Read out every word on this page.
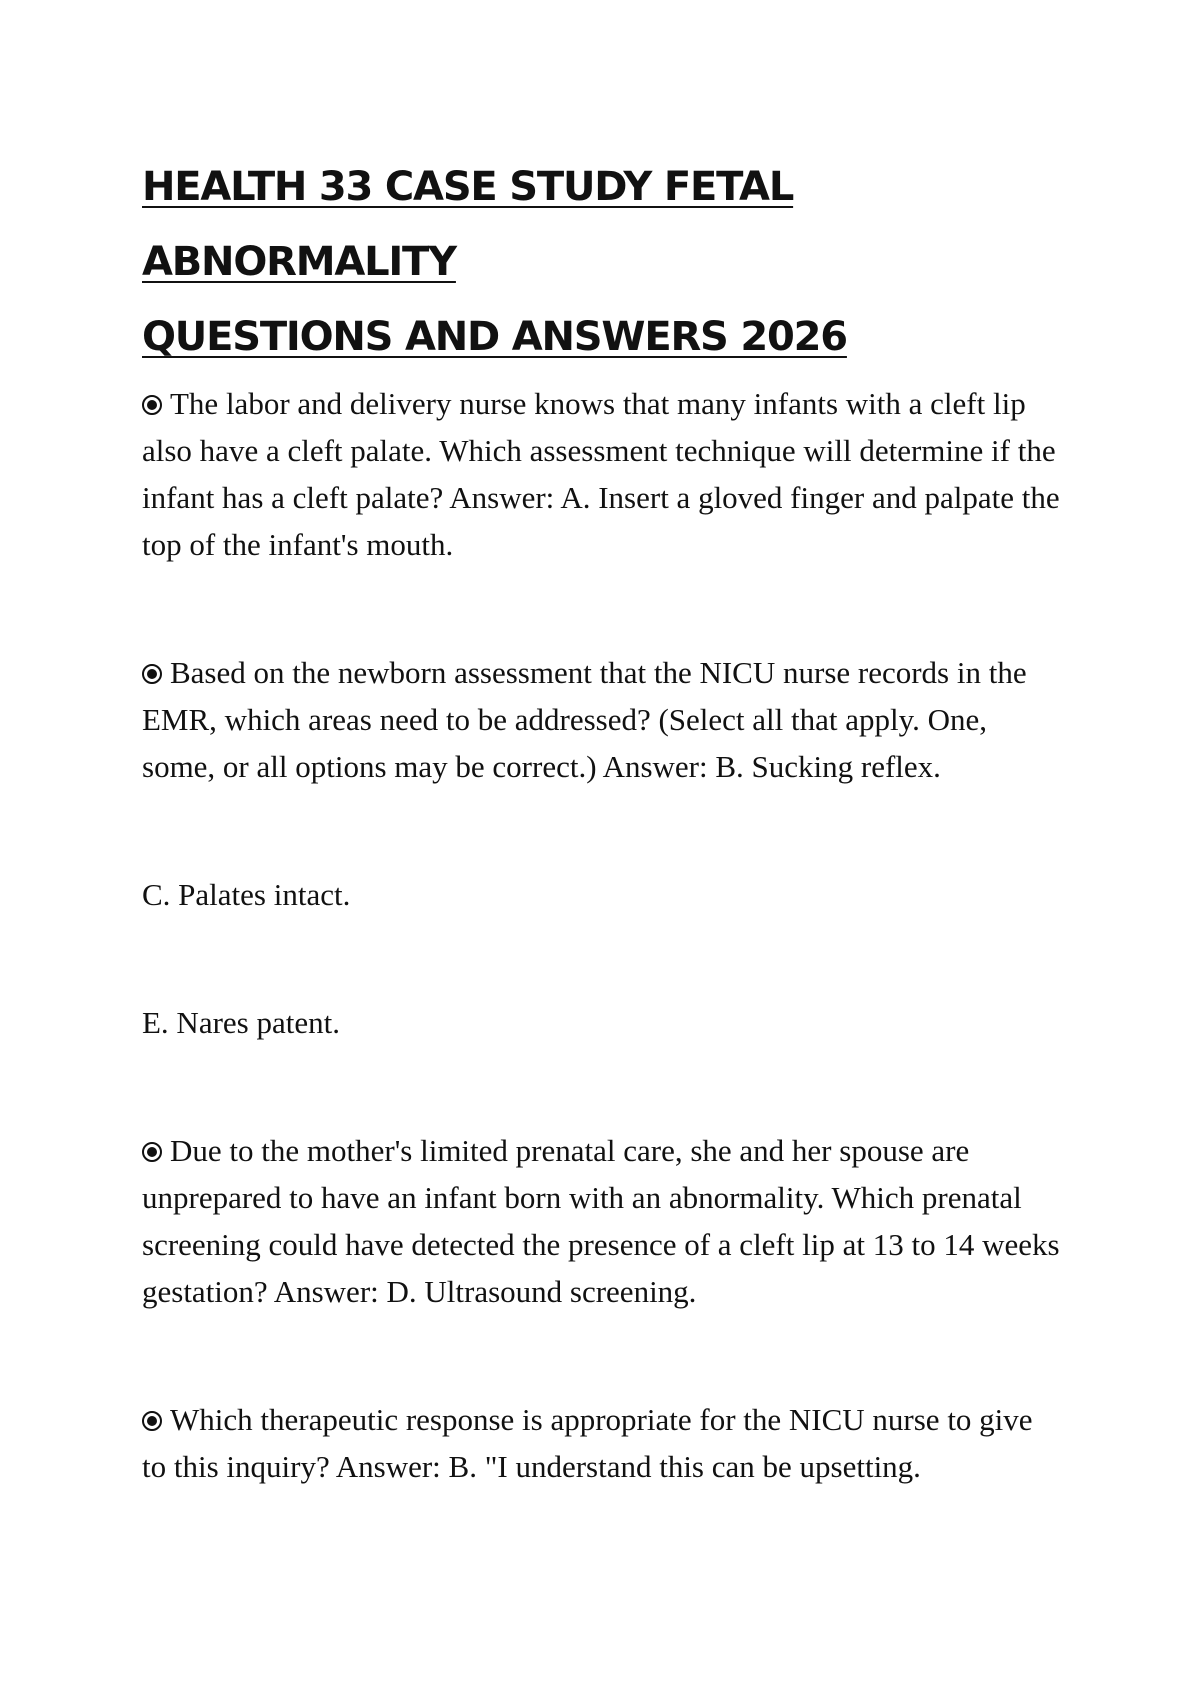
HEALTH 33 CASE STUDY FETAL ABNORMALITY
QUESTIONS AND ANSWERS 2026

The labor and delivery nurse knows that many infants with a cleft lip also have a cleft palate. Which assessment technique will determine if the infant has a cleft palate? Answer: A. Insert a gloved finger and palpate the top of the infant's mouth.

Based on the newborn assessment that the NICU nurse records in the EMR, which areas need to be addressed? (Select all that apply. One, some, or all options may be correct.) Answer: B. Sucking reflex.

C. Palates intact.

E. Nares patent.

Due to the mother's limited prenatal care, she and her spouse are unprepared to have an infant born with an abnormality. Which prenatal screening could have detected the presence of a cleft lip at 13 to 14 weeks gestation? Answer: D. Ultrasound screening.

Which therapeutic response is appropriate for the NICU nurse to give to this inquiry? Answer: B. "I understand this can be upsetting.
